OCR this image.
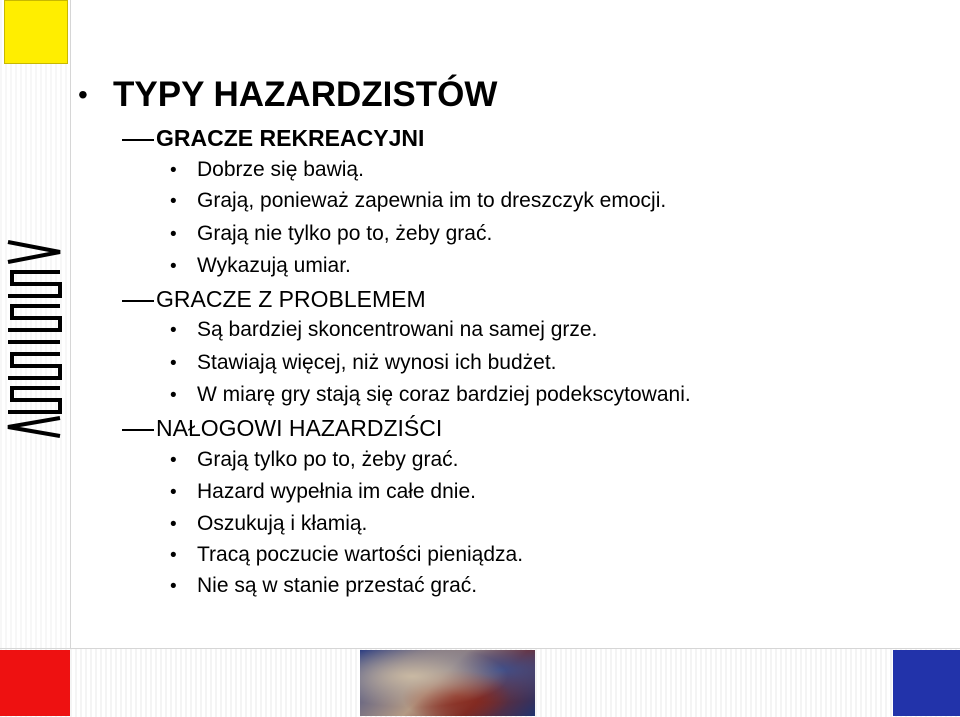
• TYPY HAZARDZISTÓW
GRACZE REKREACYJNI
• Dobrze się bawią.
• Grają, ponieważ zapewnia im to dreszczyk emocji.
• Grają nie tylko po to, żeby grać.
• Wykazują umiar.
GRACZE Z PROBLEMEM
• Są bardziej skoncentrowani na samej grze.
• Stawiają więcej, niż wynosi ich budżet.
• W miarę gry stają się coraz bardziej podekscytowani.
NAŁOGOWI HAZARDZIŚCI
• Grają tylko po to, żeby grać.
• Hazard wypełnia im całe dnie.
• Oszukują i kłamią.
• Tracą poczucie wartości pieniądza.
• Nie są w stanie przestać grać.
